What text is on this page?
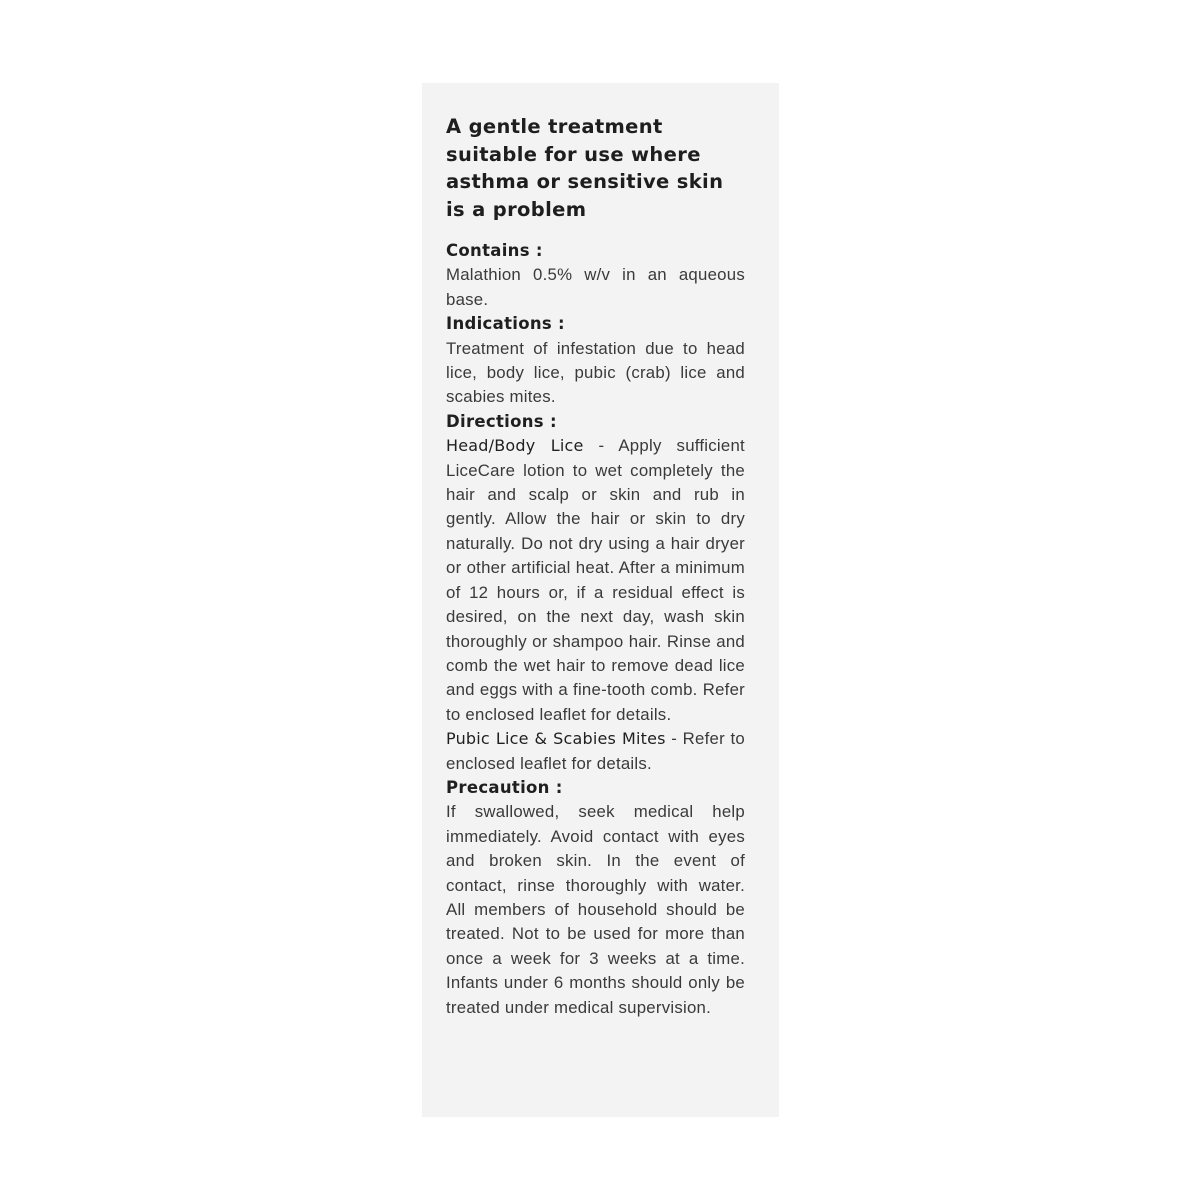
A gentle treatment suitable for use where asthma or sensitive skin is a problem
Contains :

Malathion 0.5% w/v in an aqueous base.

Indications :

Treatment of infestation due to head lice, body lice, pubic (crab) lice and scabies mites.

Directions :

Head/Body Lice - Apply sufficient LiceCare lotion to wet completely the hair and scalp or skin and rub in gently. Allow the hair or skin to dry naturally. Do not dry using a hair dryer or other artificial heat. After a minimum of 12 hours or, if a residual effect is desired, on the next day, wash skin thoroughly or shampoo hair. Rinse and comb the wet hair to remove dead lice and eggs with a fine-tooth comb. Refer to enclosed leaflet for details.

Pubic Lice & Scabies Mites - Refer to enclosed leaflet for details.

Precaution :

If swallowed, seek medical help immediately. Avoid contact with eyes and broken skin. In the event of contact, rinse thoroughly with water. All members of household should be treated. Not to be used for more than once a week for 3 weeks at a time. Infants under 6 months should only be treated under medical supervision.
